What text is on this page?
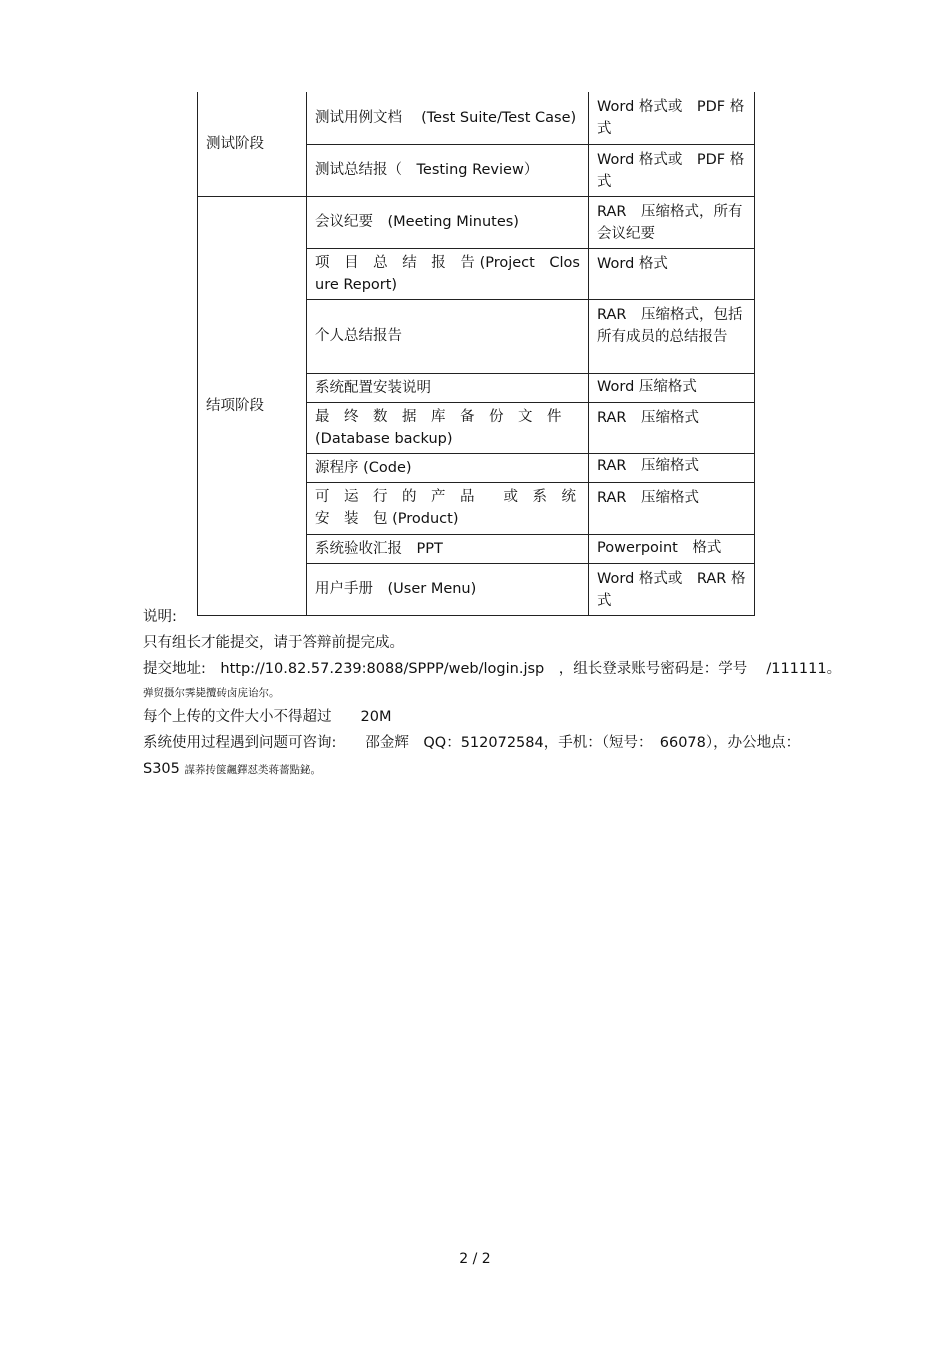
测试阶段	测试用例文档　 (Test Suite/Test Case)	Word 格式或　PDF 格式
	测试总结报（　Testing Review）	Word 格式或　PDF 格式
结项阶段	会议纪要　(Meeting Minutes)	RAR　压缩格式，所有会议纪要
	项　目　总　结　报　告 (Project　Closure Report)	Word 格式
	个人总结报告	RAR　压缩格式，包括所有成员的总结报告
	系统配置安装说明	Word 压缩格式
	最　终　数　据　库　备　份　文　件 (Database backup)	RAR　压缩格式
	源程序 (Code)	RAR　压缩格式
	可　运　行　的　产　品　　或　系　统　安　装　包 (Product)	RAR　压缩格式
	系统验收汇报　PPT	Powerpoint　格式
	用户手册　(User Menu)	Word 格式或　RAR 格式
说明:
只有组长才能提交，请于答辩前提完成。
提交地址:　http://10.82.57.239:8088/SPPP/web/login.jsp　，组长登录账号密码是：学号　 /111111。
弹贸摄尔霁毙攬砖卤庑诒尔。
每个上传的文件大小不得超过　　20M
系统使用过程遇到问题可咨询:　　邵金辉　QQ：512072584，手机：（短号：　66078），办公地点：
S305 謀荞抟箧飆鐸怼类蒋薔點鉍。
2 / 2
